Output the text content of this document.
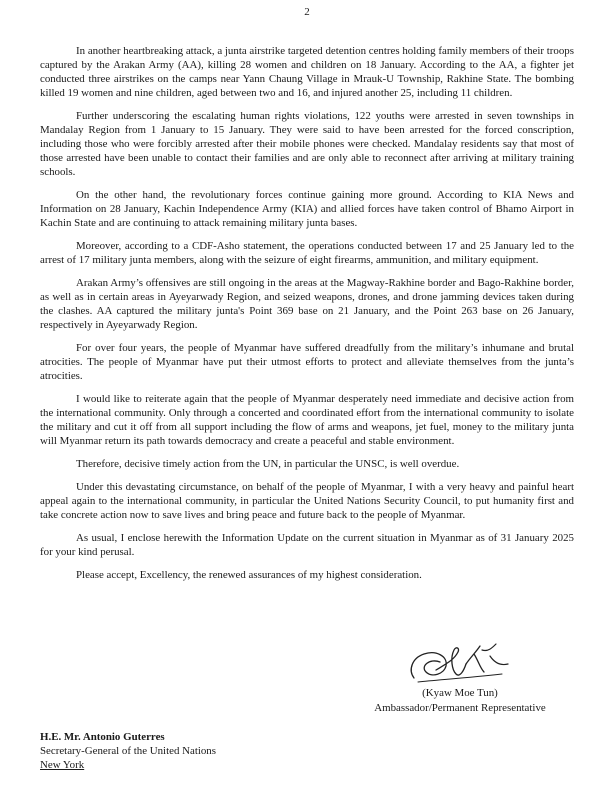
2

In another heartbreaking attack, a junta airstrike targeted detention centres holding family members of their troops captured by the Arakan Army (AA), killing 28 women and children on 18 January. According to the AA, a fighter jet conducted three airstrikes on the camps near Yann Chaung Village in Mrauk-U Township, Rakhine State. The bombing killed 19 women and nine children, aged between two and 16, and injured another 25, including 11 children.

Further underscoring the escalating human rights violations, 122 youths were arrested in seven townships in Mandalay Region from 1 January to 15 January. They were said to have been arrested for the forced conscription, including those who were forcibly arrested after their mobile phones were checked. Mandalay residents say that most of those arrested have been unable to contact their families and are only able to reconnect after arriving at military training schools.

On the other hand, the revolutionary forces continue gaining more ground. According to KIA News and Information on 28 January, Kachin Independence Army (KIA) and allied forces have taken control of Bhamo Airport in Kachin State and are continuing to attack remaining military junta bases.

Moreover, according to a CDF-Asho statement, the operations conducted between 17 and 25 January led to the arrest of 17 military junta members, along with the seizure of eight firearms, ammunition, and military equipment.

Arakan Army’s offensives are still ongoing in the areas at the Magway-Rakhine border and Bago-Rakhine border, as well as in certain areas in Ayeyarwady Region, and seized weapons, drones, and drone jamming devices taken during the clashes. AA captured the military junta's Point 369 base on 21 January, and the Point 263 base on 26 January, respectively in Ayeyarwady Region.

For over four years, the people of Myanmar have suffered dreadfully from the military’s inhumane and brutal atrocities. The people of Myanmar have put their utmost efforts to protect and alleviate themselves from the junta’s atrocities.

I would like to reiterate again that the people of Myanmar desperately need immediate and decisive action from the international community. Only through a concerted and coordinated effort from the international community to isolate the military and cut it off from all support including the flow of arms and weapons, jet fuel, money to the military junta will Myanmar return its path towards democracy and create a peaceful and stable environment.

Therefore, decisive timely action from the UN, in particular the UNSC, is well overdue.

Under this devastating circumstance, on behalf of the people of Myanmar, I with a very heavy and painful heart appeal again to the international community, in particular the United Nations Security Council, to put humanity first and take concrete action now to save lives and bring peace and future back to the people of Myanmar.

As usual, I enclose herewith the Information Update on the current situation in Myanmar as of 31 January 2025 for your kind perusal.

Please accept, Excellency, the renewed assurances of my highest consideration.

(Kyaw Moe Tun)
Ambassador/Permanent Representative
H.E. Mr. Antonio Guterres
Secretary-General of the United Nations
New York
